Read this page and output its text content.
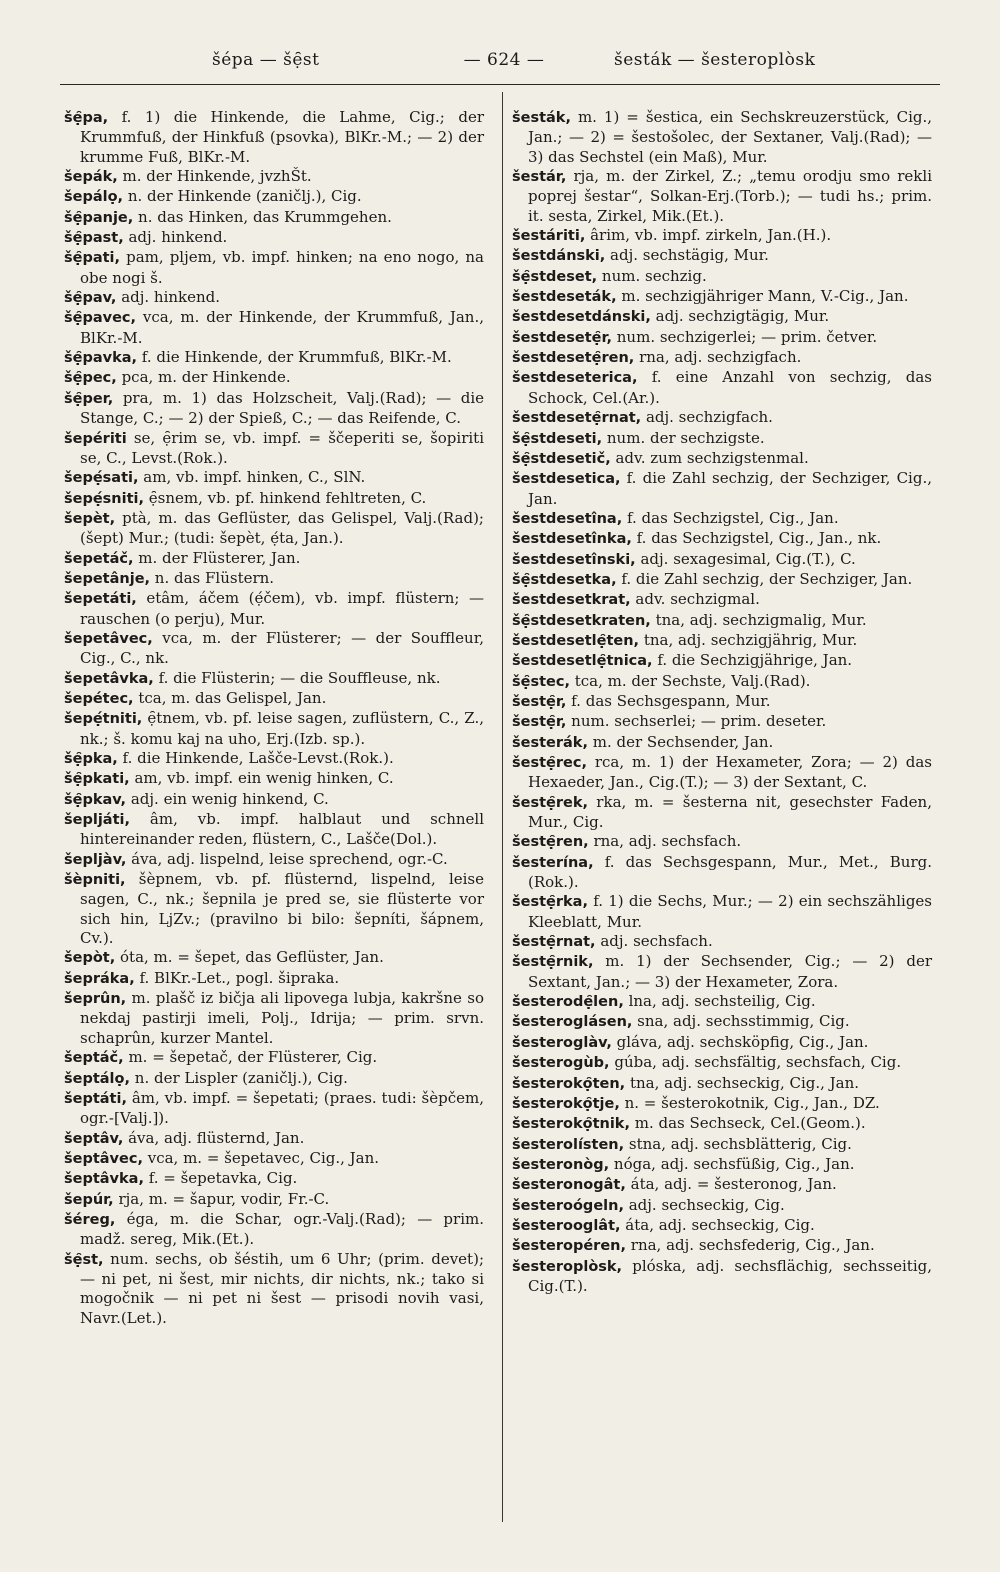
šépa — šẹ̑st	— 624 —	šesták — šesteroplòsk

šẹ̑pa, f. 1) die Hinkende, die Lahme, Cig.; der Krummfuß, der Hinkfuß (psovka), BlKr.-M.; — 2) der krumme Fuß, BlKr.-M.

šepák, m. der Hinkende, jvzhŠt.

šepálọ, n. der Hinkende (zaničlj.), Cig.

šẹ̑panje, n. das Hinken, das Krummgehen.

šẹ̑past, adj. hinkend.

šẹ̑pati, pam, pljem, vb. impf. hinken; na eno nogo, na obe nogi š.

šẹ̑pav, adj. hinkend.

šẹ̑pavec, vca, m. der Hinkende, der Krummfuß, Jan., BlKr.-M.

šẹ̑pavka, f. die Hinkende, der Krummfuß, BlKr.-M.

šẹ̑pec, pca, m. der Hinkende.

šẹ̑per, pra, m. 1) das Holzscheit, Valj.(Rad); — die Stange, C.; — 2) der Spieß, C.; — das Reifende, C.

šepériti se, ẹ̑rim se, vb. impf. = ščeperiti se, šopiriti se, C., Levst.(Rok.).

šepẹ́sati, am, vb. impf. hinken, C., SlN.

šepẹ́sniti, ẹ̑snem, vb. pf. hinkend fehltreten, C.

šepèt, ptà, m. das Geflüster, das Gelispel, Valj.(Rad); (šept) Mur.; (tudi: šepèt, ẹ́ta, Jan.).

šepetáč, m. der Flüsterer, Jan.

šepetânje, n. das Flüstern.

šepetáti, etâm, áčem (ẹ́čem), vb. impf. flüstern; — rauschen (o perju), Mur.

šepetâvec, vca, m. der Flüsterer; — der Souffleur, Cig., C., nk.

šepetâvka, f. die Flüsterin; — die Souffleuse, nk.

šepétec, tca, m. das Gelispel, Jan.

šepẹ́tniti, ẹ̑tnem, vb. pf. leise sagen, zuflüstern, C., Z., nk.; š. komu kaj na uho, Erj.(Izb. sp.).

šẹ̑pka, f. die Hinkende, Lašče-Levst.(Rok.).

šẹ̑pkati, am, vb. impf. ein wenig hinken, C.

šẹ̑pkav, adj. ein wenig hinkend, C.

šepljáti, âm, vb. impf. halblaut und schnell hintereinander reden, flüstern, C., Lašče(Dol.).

šepljàv, áva, adj. lispelnd, leise sprechend, ogr.-C.

šèpniti, šèpnem, vb. pf. flüsternd, lispelnd, leise sagen, C., nk.; šepnila je pred se, sie flüsterte vor sich hin, LjZv.; (pravilno bi bilo: šepníti, šápnem, Cv.).

šepòt, óta, m. = šepet, das Geflüster, Jan.

šepráka, f. BlKr.-Let., pogl. šipraka.

šeprûn, m. plašč iz bičja ali lipovega lubja, kakršne so nekdaj pastirji imeli, Polj., Idrija; — prim. srvn. schaprûn, kurzer Mantel.

šeptáč, m. = šepetač, der Flüsterer, Cig.

šeptálọ, n. der Lispler (zaničlj.), Cig.

šeptáti, âm, vb. impf. = šepetati; (praes. tudi: šèpčem, ogr.-[Valj.]).

šeptâv, áva, adj. flüsternd, Jan.

šeptâvec, vca, m. = šepetavec, Cig., Jan.

šeptâvka, f. = šepetavka, Cig.

šepúr, rja, m. = šapur, vodir, Fr.-C.

šéreg, éga, m. die Schar, ogr.-Valj.(Rad); — prim. madž. sereg, Mik.(Et.).

šẹ̑st, num. sechs, ob šéstih, um 6 Uhr; (prim. devet); — ni pet, ni šest, mir nichts, dir nichts, nk.; tako si mogočnik — ni pet ni šest — prisodi novih vasi, Navr.(Let.).

šesták, m. 1) = šestica, ein Sechskreuzerstück, Cig., Jan.; — 2) = šestošolec, der Sextaner, Valj.(Rad); — 3) das Sechstel (ein Maß), Mur.

šestár, rja, m. der Zirkel, Z.; „temu orodju smo rekli poprej šestar“, Solkan-Erj.(Torb.); — tudi hs.; prim. it. sesta, Zirkel, Mik.(Et.).

šestáriti, ârim, vb. impf. zirkeln, Jan.(H.).

šestdánski, adj. sechstägig, Mur.

šẹ̑stdeset, num. sechzig.

šestdeseták, m. sechzigjähriger Mann, V.-Cig., Jan.

šestdesetdánski, adj. sechzigtägig, Mur.

šestdesetẹ̑r, num. sechzigerlei; — prim. četver.

šestdesetẹ̑ren, rna, adj. sechzigfach.

šestdeseterica, f. eine Anzahl von sechzig, das Schock, Cel.(Ar.).

šestdesetẹ̑rnat, adj. sechzigfach.

šẹ̑stdeseti, num. der sechzigste.

šẹ̑stdesetič, adv. zum sechzigstenmal.

šestdesetica, f. die Zahl sechzig, der Sechziger, Cig., Jan.

šestdesetîna, f. das Sechzigstel, Cig., Jan.

šestdesetînka, f. das Sechzigstel, Cig., Jan., nk.

šestdesetînski, adj. sexagesimal, Cig.(T.), C.

šẹ̑stdesetka, f. die Zahl sechzig, der Sechziger, Jan.

šestdesetkrat, adv. sechzigmal.

šẹ̑stdesetkraten, tna, adj. sechzigmalig, Mur.

šestdesetlẹ̑ten, tna, adj. sechzigjährig, Mur.

šestdesetlẹ̑tnica, f. die Sechzigjährige, Jan.

šẹ̑stec, tca, m. der Sechste, Valj.(Rad).

šestẹ̑r, f. das Sechsgespann, Mur.

šestẹ̑r, num. sechserlei; — prim. deseter.

šesterák, m. der Sechsender, Jan.

šestẹ̑rec, rca, m. 1) der Hexameter, Zora; — 2) das Hexaeder, Jan., Cig.(T.); — 3) der Sextant, C.

šestẹ̑rek, rka, m. = šesterna nit, gesechster Faden, Mur., Cig.

šestẹ̑ren, rna, adj. sechsfach.

šesterína, f. das Sechsgespann, Mur., Met., Burg.(Rok.).

šestẹ̑rka, f. 1) die Sechs, Mur.; — 2) ein sechszähliges Kleeblatt, Mur.

šestẹ̑rnat, adj. sechsfach.

šestẹ̑rnik, m. 1) der Sechsender, Cig.; — 2) der Sextant, Jan.; — 3) der Hexameter, Zora.

šesterodẹ̑len, lna, adj. sechsteilig, Cig.

šesteroglásen, sna, adj. sechsstimmig, Cig.

šesteroglàv, gláva, adj. sechsköpfig, Cig., Jan.

šesterogùb, gúba, adj. sechsfältig, sechsfach, Cig.

šesterokọ̑ten, tna, adj. sechseckig, Cig., Jan.

šesterokọ̑tje, n. = šesterokotnik, Cig., Jan., DZ.

šesterokọ̑tnik, m. das Sechseck, Cel.(Geom.).

šesterolísten, stna, adj. sechsblätterig, Cig.

šesteronòg, nóga, adj. sechsfüßig, Cig., Jan.

šesteronogât, áta, adj. = šesteronog, Jan.

šesteroógeln, adj. sechseckig, Cig.

šesterooglât, áta, adj. sechseckig, Cig.

šesteropéren, rna, adj. sechsfederig, Cig., Jan.

šesteroplòsk, plóska, adj. sechsflächig, sechsseitig, Cig.(T.).
